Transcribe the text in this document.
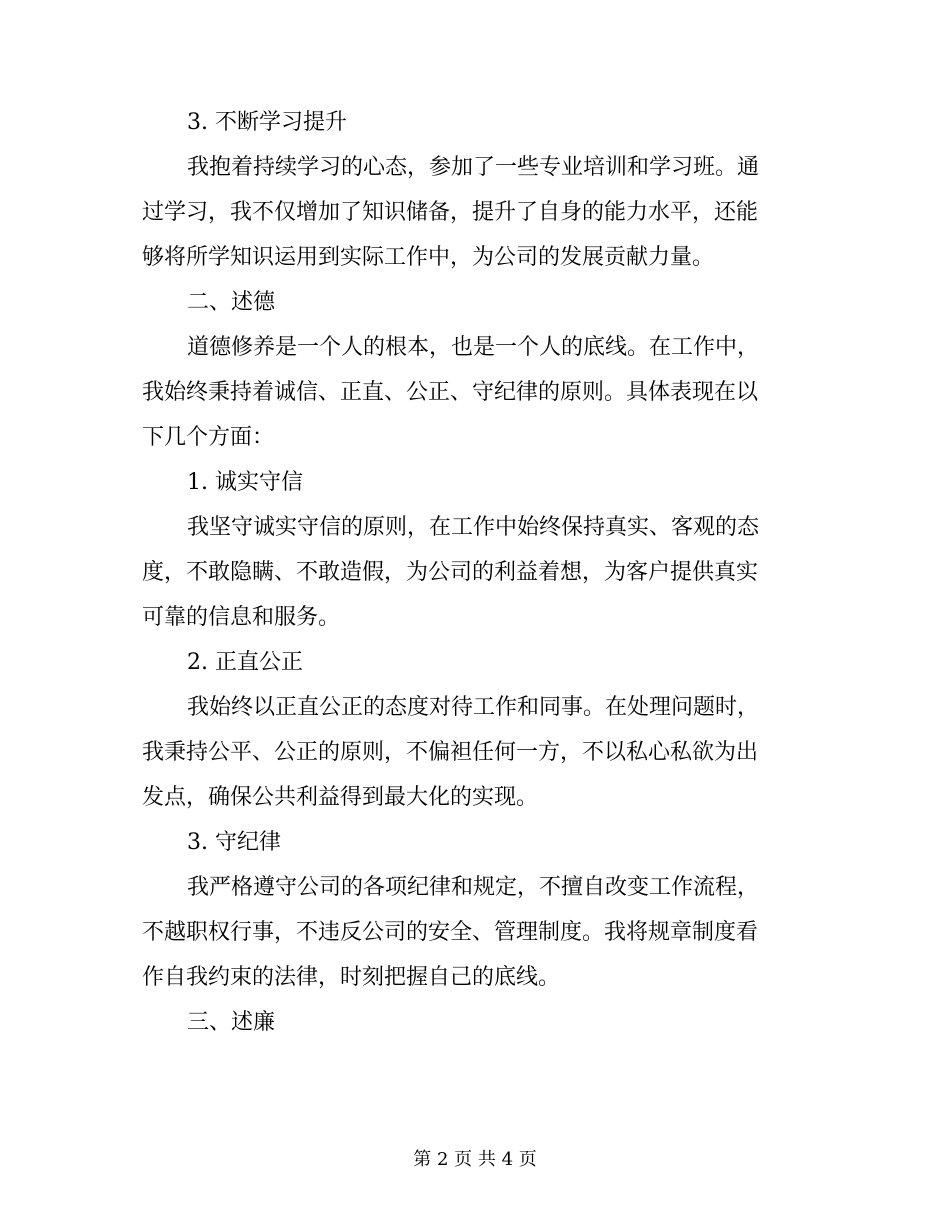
3. 不断学习提升
我抱着持续学习的心态，参加了一些专业培训和学习班。通
过学习，我不仅增加了知识储备，提升了自身的能力水平，还能
够将所学知识运用到实际工作中，为公司的发展贡献力量。
二、述德
道德修养是一个人的根本，也是一个人的底线。在工作中，
我始终秉持着诚信、正直、公正、守纪律的原则。具体表现在以
下几个方面：
1. 诚实守信
我坚守诚实守信的原则，在工作中始终保持真实、客观的态
度，不敢隐瞒、不敢造假，为公司的利益着想，为客户提供真实
可靠的信息和服务。
2. 正直公正
我始终以正直公正的态度对待工作和同事。在处理问题时，
我秉持公平、公正的原则，不偏袒任何一方，不以私心私欲为出
发点，确保公共利益得到最大化的实现。
3. 守纪律
我严格遵守公司的各项纪律和规定，不擅自改变工作流程，
不越职权行事，不违反公司的安全、管理制度。我将规章制度看
作自我约束的法律，时刻把握自己的底线。
三、述廉
第 2 页 共 4 页
